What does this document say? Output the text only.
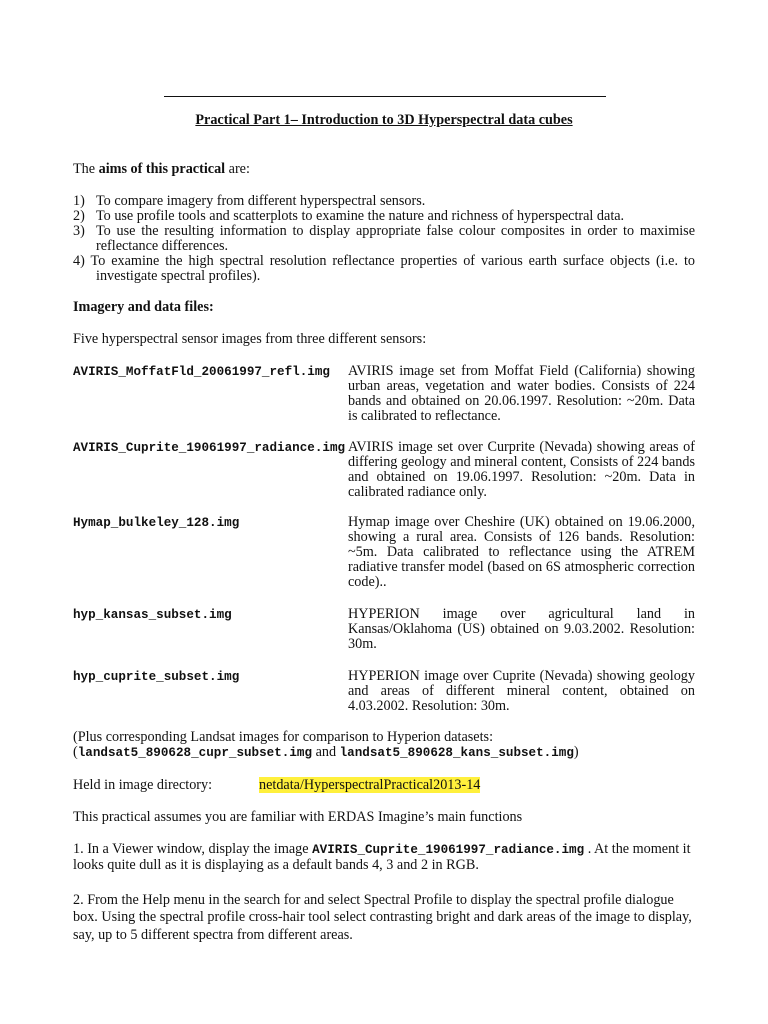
Practical Part 1– Introduction to 3D Hyperspectral data cubes
The aims of this practical are:
1) To compare imagery from different hyperspectral sensors.
2) To use profile tools and scatterplots to examine the nature and richness of hyperspectral data.
3) To use the resulting information to display appropriate false colour composites in order to maximise reflectance differences.
4) To examine the high spectral resolution reflectance properties of various earth surface objects (i.e. to investigate spectral profiles).
Imagery and data files:
Five hyperspectral sensor images from three different sensors:
AVIRIS_MoffatFld_20061997_refl.img AVIRIS image set from Moffat Field (California) showing urban areas, vegetation and water bodies. Consists of 224 bands and obtained on 20.06.1997. Resolution: ~20m. Data is calibrated to reflectance.
AVIRIS_Cuprite_19061997_radiance.img AVIRIS image set over Curprite (Nevada) showing areas of differing geology and mineral content, Consists of 224 bands and obtained on 19.06.1997. Resolution: ~20m. Data in calibrated radiance only.
Hymap_bulkeley_128.img	Hymap image over Cheshire (UK) obtained on 19.06.2000, showing a rural area. Consists of 126 bands. Resolution: ~5m. Data calibrated to reflectance using the ATREM radiative transfer model (based on 6S atmospheric correction code)..
hyp_kansas_subset.img	HYPERION image over agricultural land in Kansas/Oklahoma (US) obtained on 9.03.2002. Resolution: 30m.
hyp_cuprite_subset.img	HYPERION image over Cuprite (Nevada) showing geology and areas of different mineral content, obtained on 4.03.2002. Resolution: 30m.
(Plus corresponding Landsat images for comparison to Hyperion datasets:
(landsat5_890628_cupr_subset.img and landsat5_890628_kans_subset.img)
Held in image directory:	netdata/HyperspectralPractical2013-14
This practical assumes you are familiar with ERDAS Imagine’s main functions
1. In a Viewer window, display the image AVIRIS_Cuprite_19061997_radiance.img . At the moment it looks quite dull as it is displaying as a default bands 4, 3 and 2 in RGB.
2. From the Help menu in the search for and select Spectral Profile to display the spectral profile dialogue box. Using the spectral profile cross-hair tool select contrasting bright and dark areas of the image to display, say, up to 5 different spectra from different areas.
